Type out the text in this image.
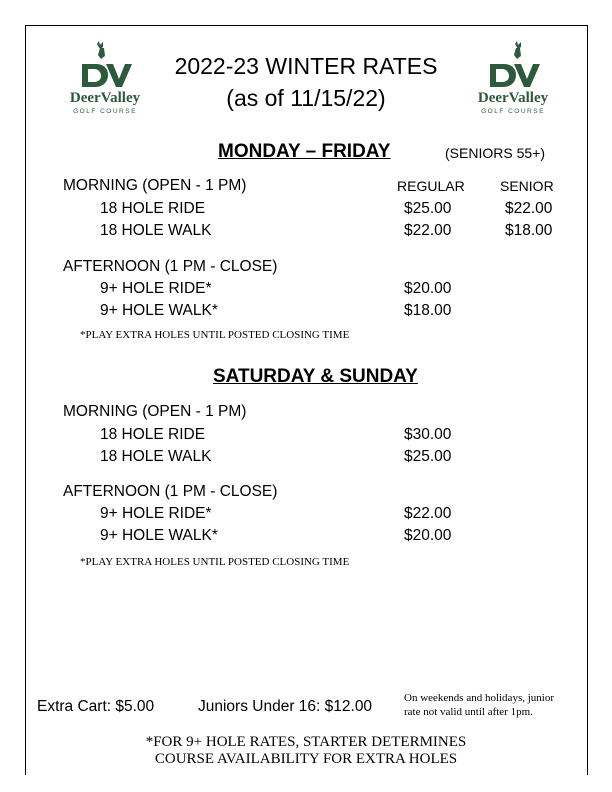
DeerValley
GOLF COURSE
DeerValley
GOLF COURSE
2022-23 WINTER RATES
(as of 11/15/22)
MONDAY – FRIDAY	(SENIORS 55+)
MORNING (OPEN - 1 PM)	REGULAR	SENIOR
18 HOLE RIDE	$25.00	$22.00
18 HOLE WALK	$22.00	$18.00
AFTERNOON (1 PM - CLOSE)
9+ HOLE RIDE*	$20.00
9+ HOLE WALK*	$18.00
*PLAY EXTRA HOLES UNTIL POSTED CLOSING TIME
SATURDAY & SUNDAY
MORNING (OPEN - 1 PM)
18 HOLE RIDE	$30.00
18 HOLE WALK	$25.00
AFTERNOON (1 PM - CLOSE)
9+ HOLE RIDE*	$22.00
9+ HOLE WALK*	$20.00
*PLAY EXTRA HOLES UNTIL POSTED CLOSING TIME
Extra Cart: $5.00	Juniors Under 16: $12.00	On weekends and holidays, junior
rate not valid until after 1pm.
*FOR 9+ HOLE RATES, STARTER DETERMINES
COURSE AVAILABILITY FOR EXTRA HOLES
